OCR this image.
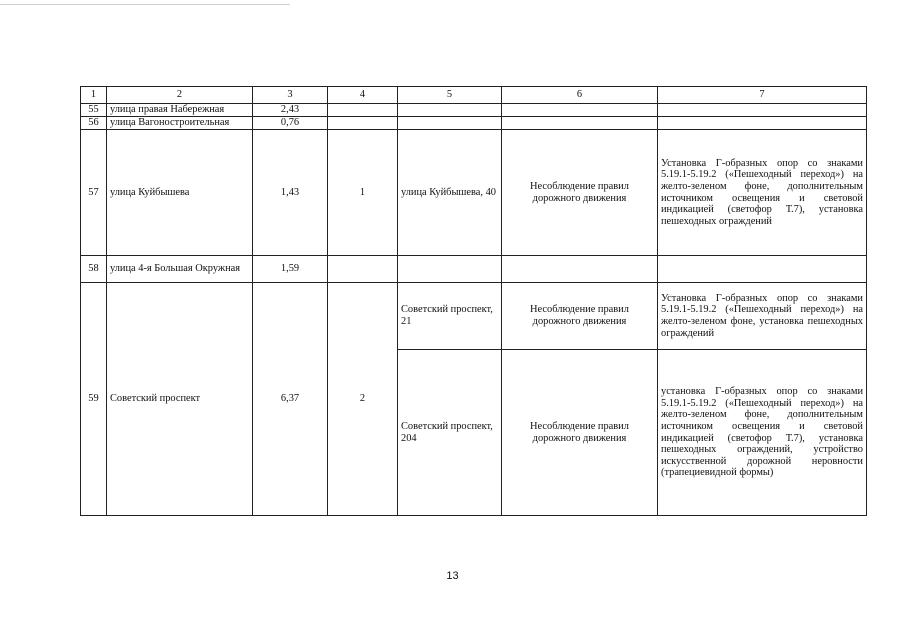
1	2	3	4	5	6	7
55	улица правая Набережная	2,43				
56	улица Вагоностроительная	0,76				
57	улица Куйбышева	1,43	1	улица Куйбышева, 40	Несоблюдение правил дорожного движения	Установка Г-образных опор со знаками 5.19.1-5.19.2 («Пешеходный переход») на желто-зеленом фоне, дополнительным источником освещения и световой индикацией (светофор Т.7), установка пешеходных ограждений
58	улица 4-я Большая Окружная	1,59				
59	Советский проспект	6,37	2	Советский проспект, 21	Несоблюдение правил дорожного движения	Установка Г-образных опор со знаками 5.19.1-5.19.2 («Пешеходный переход») на желто-зеленом фоне, установка пешеходных ограждений
				Советский проспект, 204	Несоблюдение правил дорожного движения	установка Г-образных опор со знаками 5.19.1-5.19.2 («Пешеходный переход») на желто-зеленом фоне, дополнительным источником освещения и световой индикацией (светофор Т.7), установка пешеходных ограждений, устройство искусственной дорожной неровности (трапециевидной формы)
13
